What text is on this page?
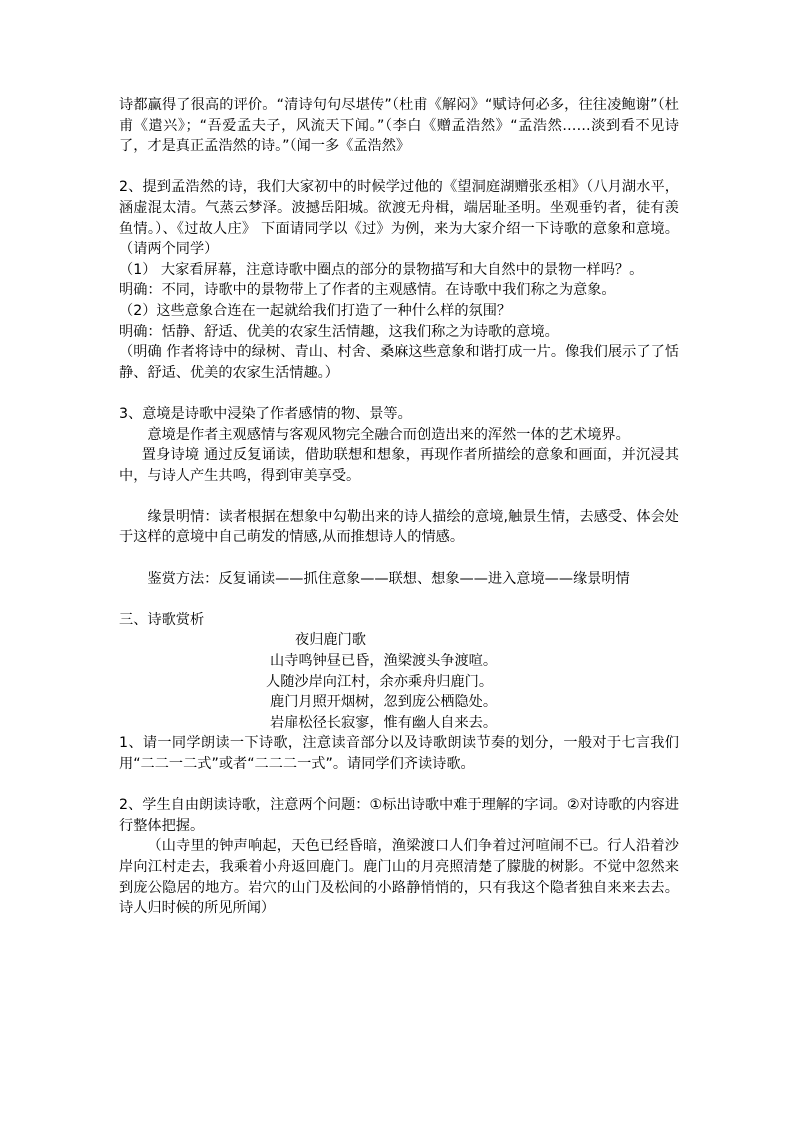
诗都赢得了很高的评价。“清诗句句尽堪传”（杜甫《解闷》“赋诗何必多，往往凌鲍谢”（杜甫《遣兴》；“吾爱孟夫子，风流天下闻。”（李白《赠孟浩然》“孟浩然……淡到看不见诗了，才是真正孟浩然的诗。”（闻一多《孟浩然》

2、提到孟浩然的诗，我们大家初中的时候学过他的《望洞庭湖赠张丞相》（八月湖水平，涵虚混太清。气蒸云梦泽。波撼岳阳城。欲渡无舟楫，端居耻圣明。坐观垂钓者，徒有羡鱼情。）、《过故人庄》 下面请同学以《过》为例，来为大家介绍一下诗歌的意象和意境。（请两个同学）

（1） 大家看屏幕，注意诗歌中圈点的部分的景物描写和大自然中的景物一样吗？。

明确：不同，诗歌中的景物带上了作者的主观感情。在诗歌中我们称之为意象。

（2）这些意象合连在一起就给我们打造了一种什么样的氛围？

明确：恬静、舒适、优美的农家生活情趣，这我们称之为诗歌的意境。

（明确 作者将诗中的绿树、青山、村舍、桑麻这些意象和谐打成一片。像我们展示了了恬静、舒适、优美的农家生活情趣。）

3、意境是诗歌中浸染了作者感情的物、景等。

意境是作者主观感情与客观风物完全融合而创造出来的浑然一体的艺术境界。

置身诗境 通过反复诵读，借助联想和想象，再现作者所描绘的意象和画面，并沉浸其中，与诗人产生共鸣，得到审美享受。

缘景明情：读者根据在想象中勾勒出来的诗人描绘的意境,触景生情，去感受、体会处于这样的意境中自己萌发的情感,从而推想诗人的情感。

鉴赏方法：反复诵读——抓住意象——联想、想象——进入意境——缘景明情

三、诗歌赏析

夜归鹿门歌

山寺鸣钟昼已昏，渔梁渡头争渡喧。

人随沙岸向江村，余亦乘舟归鹿门。

鹿门月照开烟树，忽到庞公栖隐处。

岩扉松径长寂寥，惟有幽人自来去。

1、请一同学朗读一下诗歌，注意读音部分以及诗歌朗读节奏的划分，一般对于七言我们用“二二一二式”或者“二二二一式”。请同学们齐读诗歌。

2、学生自由朗读诗歌，注意两个问题：①标出诗歌中难于理解的字词。②对诗歌的内容进行整体把握。

（山寺里的钟声响起，天色已经昏暗，渔梁渡口人们争着过河喧闹不已。行人沿着沙岸向江村走去，我乘着小舟返回鹿门。鹿门山的月亮照清楚了朦胧的树影。不觉中忽然来到庞公隐居的地方。岩穴的山门及松间的小路静悄悄的，只有我这个隐者独自来来去去。诗人归时候的所见所闻）
